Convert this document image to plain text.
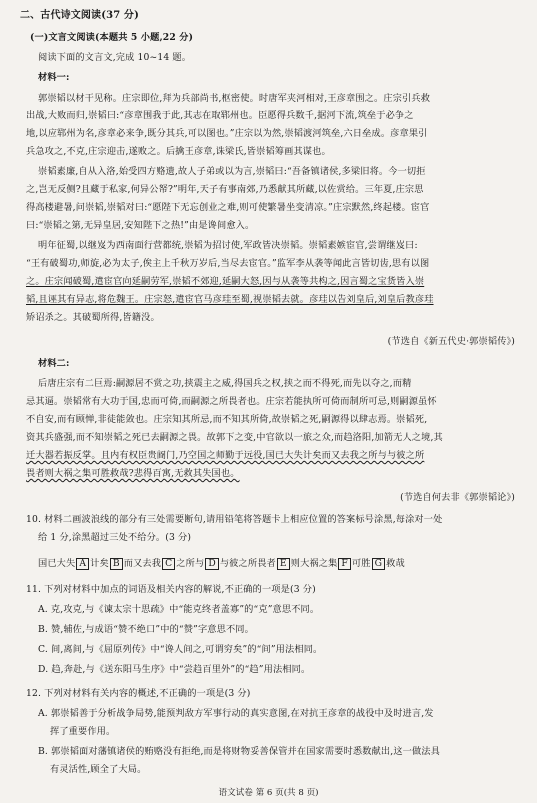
二、古代诗文阅读(37 分)
(一)文言文阅读(本题共 5 小题,22 分)
阅读下面的文言文,完成 10~14 题。
材料一:
郭崇韬以材干见称。庄宗即位,拜为兵部尚书,枢密使。时唐军夹河相对,王彦章围之。庄宗引兵救
出战,大败而归,崇韬曰:“彦章围我于此,其志在取郓州也。臣愿得兵数千,据河下流,筑垒于必争之
地,以应郓州为名,彦章必来争,既分其兵,可以图也。”庄宗以为然,崇韬渡河筑垒,六日垒成。彦章果引
兵急攻之,不克,庄宗迎击,遂败之。后擒王彦章,诛梁氏,皆崇韬筹画其谋也。
崇韬素廉,自从入洛,始受四方赂遗,故人子弟或以为言,崇韬曰:“吾备镇诸侯,多梁旧将。今一切拒
之,岂无反侧?且藏于私家,何异公帑?”明年,天子有事南郊,乃悉献其所藏,以佐赏给。三年夏,庄宗思
得高楼避暑,问崇韬,崇韬对曰:“愿陛下无忘创业之难,则可使繁暑坐变清凉。”庄宗默然,终起楼。宦官
曰:“崇韬之第,无异皇居,安知陛下之热!”由是谗间愈入。
明年征蜀,以继岌为西南面行营都统,崇韬为招讨使,军政皆决崇韬。崇韬素嫉宦官,尝谓继岌曰:
“王有破蜀功,师旋,必为太子,俟主上千秋万岁后,当尽去宦官。”监军李从袭等闻此言皆切齿,思有以图
之。庄宗闻破蜀,遣宦官向延嗣劳军,崇韬不郊迎,延嗣大怒,因与从袭等共构之,因言蜀之宝货皆入崇
韬,且诬其有异志,将危魏王。庄宗怒,遣宦官马彦珪至蜀,视崇韬去就。彦珪以告刘皇后,刘皇后教彦珪
矫诏杀之。其破蜀所得,皆籍没。
(节选自《新五代史·郭崇韬传》)
材料二:
后唐庄宗有二巨焉:嗣源居不赏之功,挟震主之威,得国兵之权,挟之而不得死,而先以夺之,而精
忌其逼。崇韬常有大功于国,忠而可倚,而嗣源之所畏者也。庄宗若能执所可倚而制所可忌,则嗣源虽怀
不自安,而有顾惮,非徒能敛也。庄宗知其所忌,而不知其所倚,故崇韬之死,嗣源得以肆志焉。崇韬死,
资其兵盛强,而不知崇韬之死已去嗣源之畏。故郭下之变,中官欲以一旅之众,而趋洛阳,加箭无人之境,其
迁大器若振反掌。且内有权臣贵阍门,乃空国之师勤于远役,国已大失计矣而又去我之所与与彼之所
畏者则大祸之集可胜救哉?悲得百寓,无救其失国也。
(节选自何去非《郭崇韬论》)
10. 材料二画波浪线的部分有三处需要断句,请用铅笔将答题卡上相应位置的答案标号涂黑,每涂对一处
给 1 分,涂黑超过三处不给分。(3 分)
国已大失 A 计矣 B 而又去我 C 之所与 D 与彼之所畏者 E 则大祸之集 F 可胜 G 救哉
11. 下列对材料中加点的词语及相关内容的解说,不正确的一项是(3 分)
A. 克,攻克,与《谏太宗十思疏》中“能克终者盖寡”的“克”意思不同。
B. 赞,辅佐,与成语“赞不绝口”中的“赞”字意思不同。
C. 间,离间,与《屈原列传》中“谗人间之,可谓穷矣”的“间”用法相同。
D. 趋,奔赴,与《送东阳马生序》中“尝趋百里外”的“趋”用法相同。
12. 下列对材料有关内容的概述,不正确的一项是(3 分)
A. 郭崇韬善于分析战争局势,能预判敌方军事行动的真实意图,在对抗王彦章的战役中及时进言,发
挥了重要作用。
B. 郭崇韬面对藩镇诸侯的贿赂没有拒绝,而是将财物妥善保管并在国家需要时悉数献出,这一做法具
有灵活性,顾全了大局。
语文试卷 第 6 页(共 8 页)
